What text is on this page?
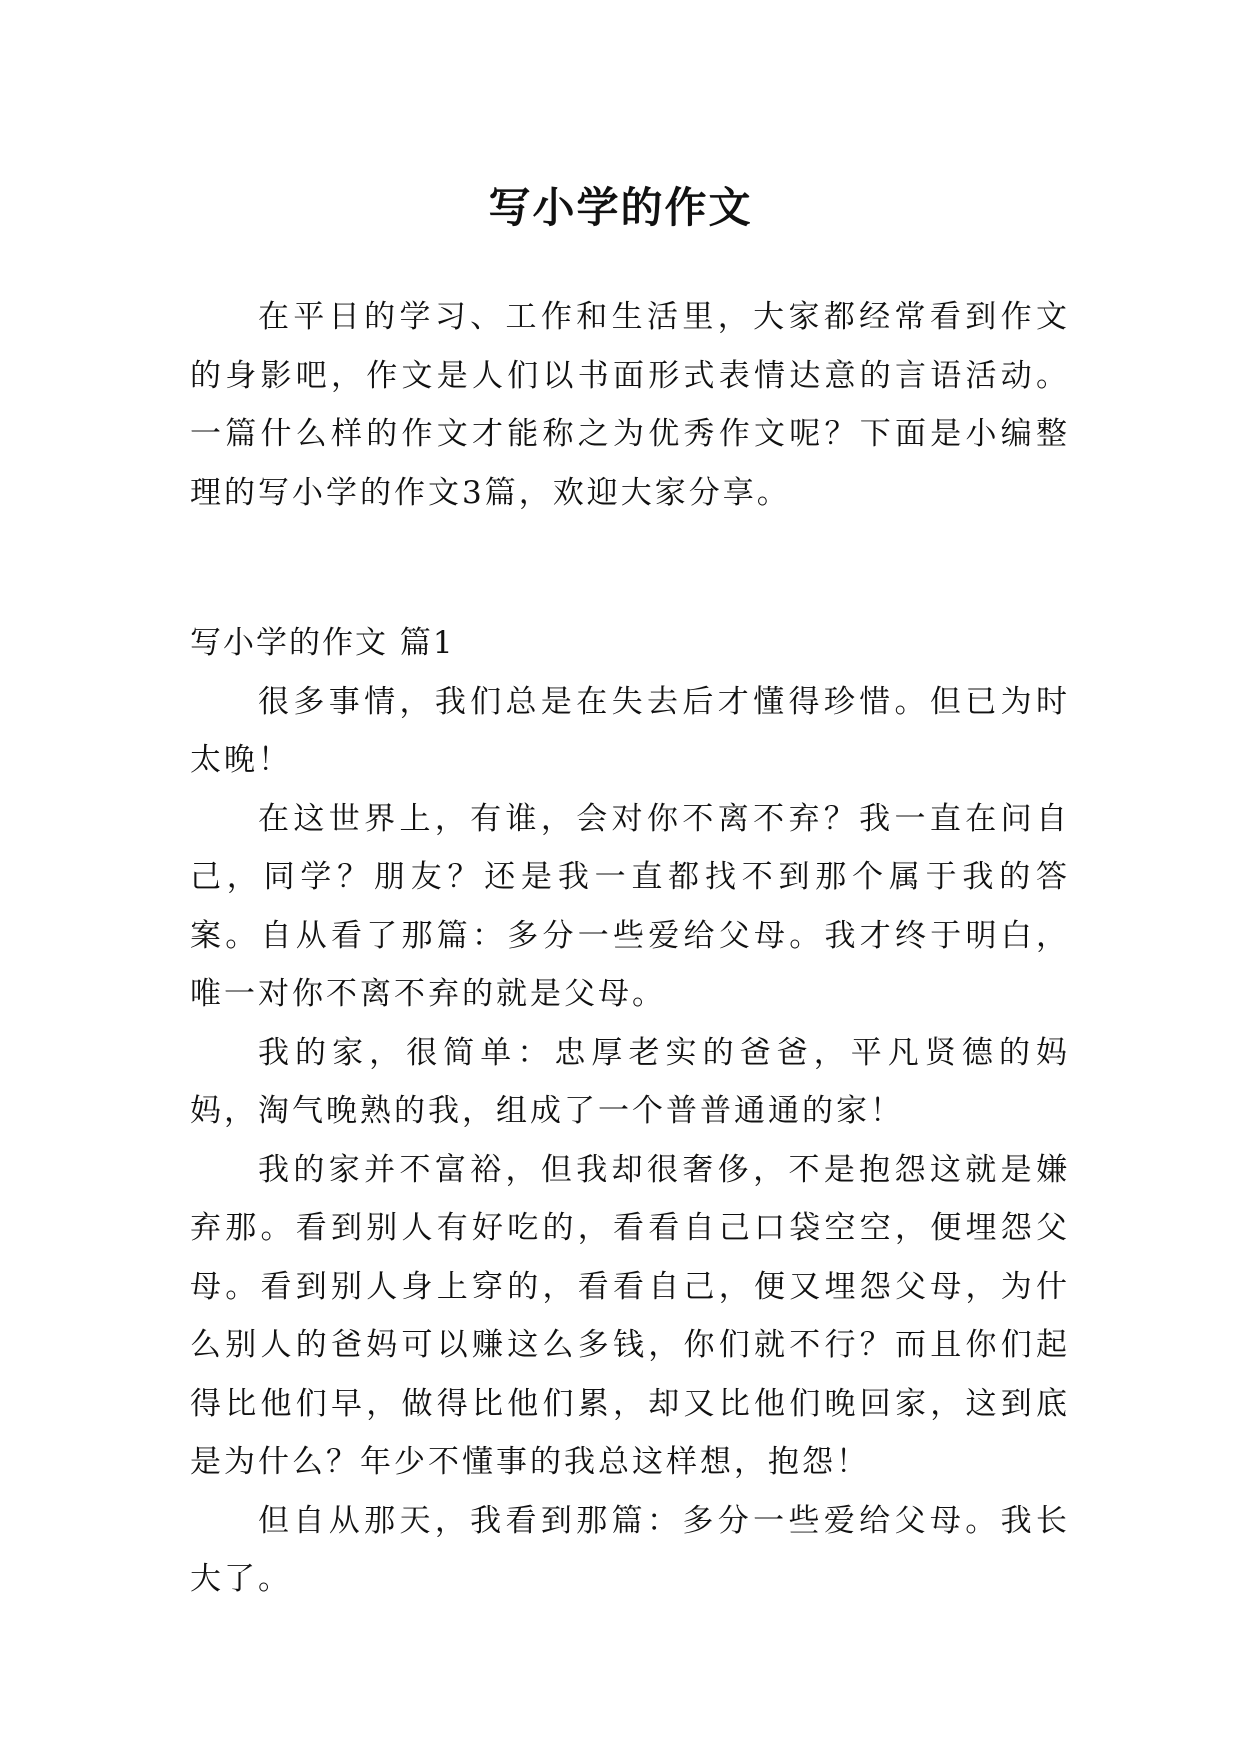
写小学的作文

在平日的学习、工作和生活里，大家都经常看到作文的身影吧，作文是人们以书面形式表情达意的言语活动。一篇什么样的作文才能称之为优秀作文呢？下面是小编整理的写小学的作文3篇，欢迎大家分享。

写小学的作文 篇1

很多事情，我们总是在失去后才懂得珍惜。但已为时太晚！

在这世界上，有谁，会对你不离不弃？我一直在问自己，同学？朋友？还是我一直都找不到那个属于我的答案。自从看了那篇：多分一些爱给父母。我才终于明白，唯一对你不离不弃的就是父母。

我的家，很简单：忠厚老实的爸爸，平凡贤德的妈妈，淘气晚熟的我，组成了一个普普通通的家！

我的家并不富裕，但我却很奢侈，不是抱怨这就是嫌弃那。看到别人有好吃的，看看自己口袋空空，便埋怨父母。看到别人身上穿的，看看自己，便又埋怨父母，为什么别人的爸妈可以赚这么多钱，你们就不行？而且你们起得比他们早，做得比他们累，却又比他们晚回家，这到底是为什么？年少不懂事的我总这样想，抱怨！

但自从那天，我看到那篇：多分一些爱给父母。我长大了。
